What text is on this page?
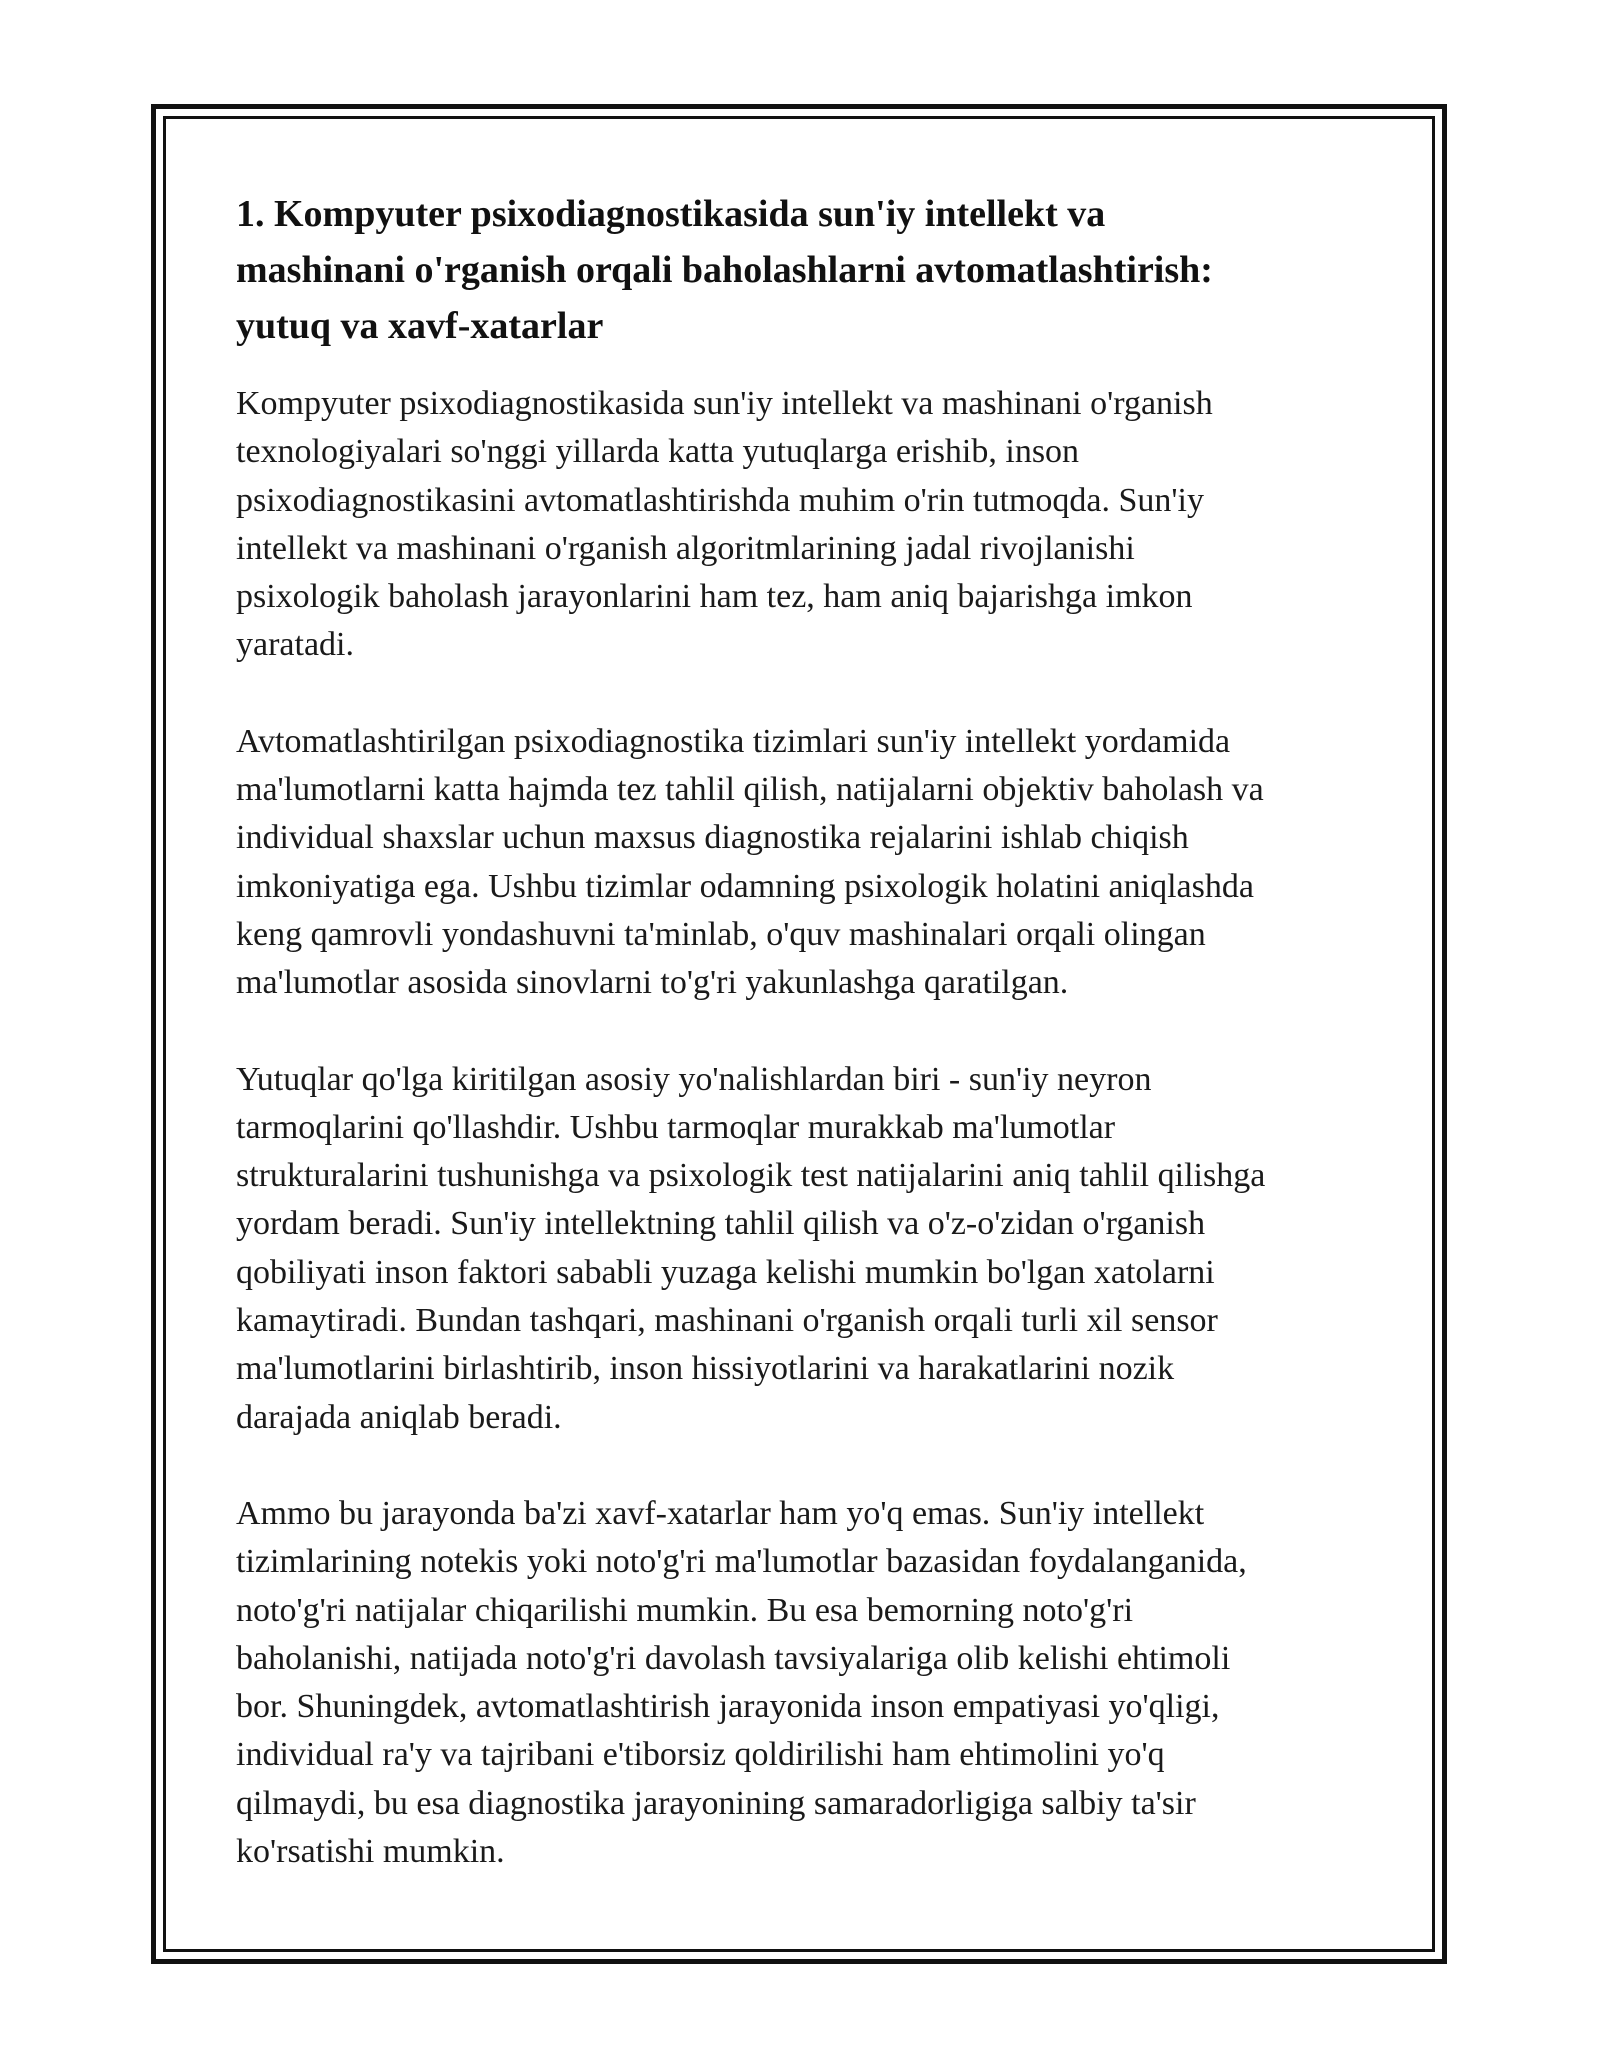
1. Kompyuter psixodiagnostikasida sun'iy intellekt va
mashinani o'rganish orqali baholashlarni avtomatlashtirish:
yutuq va xavf-xatarlar

Kompyuter psixodiagnostikasida sun'iy intellekt va mashinani o'rganish
texnologiyalari so'nggi yillarda katta yutuqlarga erishib, inson
psixodiagnostikasini avtomatlashtirishda muhim o'rin tutmoqda. Sun'iy
intellekt va mashinani o'rganish algoritmlarining jadal rivojlanishi
psixologik baholash jarayonlarini ham tez, ham aniq bajarishga imkon
yaratadi.

Avtomatlashtirilgan psixodiagnostika tizimlari sun'iy intellekt yordamida
ma'lumotlarni katta hajmda tez tahlil qilish, natijalarni objektiv baholash va
individual shaxslar uchun maxsus diagnostika rejalarini ishlab chiqish
imkoniyatiga ega. Ushbu tizimlar odamning psixologik holatini aniqlashda
keng qamrovli yondashuvni ta'minlab, o'quv mashinalari orqali olingan
ma'lumotlar asosida sinovlarni to'g'ri yakunlashga qaratilgan.

Yutuqlar qo'lga kiritilgan asosiy yo'nalishlardan biri - sun'iy neyron
tarmoqlarini qo'llashdir. Ushbu tarmoqlar murakkab ma'lumotlar
strukturalarini tushunishga va psixologik test natijalarini aniq tahlil qilishga
yordam beradi. Sun'iy intellektning tahlil qilish va o'z-o'zidan o'rganish
qobiliyati inson faktori sababli yuzaga kelishi mumkin bo'lgan xatolarni
kamaytiradi. Bundan tashqari, mashinani o'rganish orqali turli xil sensor
ma'lumotlarini birlashtirib, inson hissiyotlarini va harakatlarini nozik
darajada aniqlab beradi.

Ammo bu jarayonda ba'zi xavf-xatarlar ham yo'q emas. Sun'iy intellekt
tizimlarining notekis yoki noto'g'ri ma'lumotlar bazasidan foydalanganida,
noto'g'ri natijalar chiqarilishi mumkin. Bu esa bemorning noto'g'ri
baholanishi, natijada noto'g'ri davolash tavsiyalariga olib kelishi ehtimoli
bor. Shuningdek, avtomatlashtirish jarayonida inson empatiyasi yo'qligi,
individual ra'y va tajribani e'tiborsiz qoldirilishi ham ehtimolini yo'q
qilmaydi, bu esa diagnostika jarayonining samaradorligiga salbiy ta'sir
ko'rsatishi mumkin.
